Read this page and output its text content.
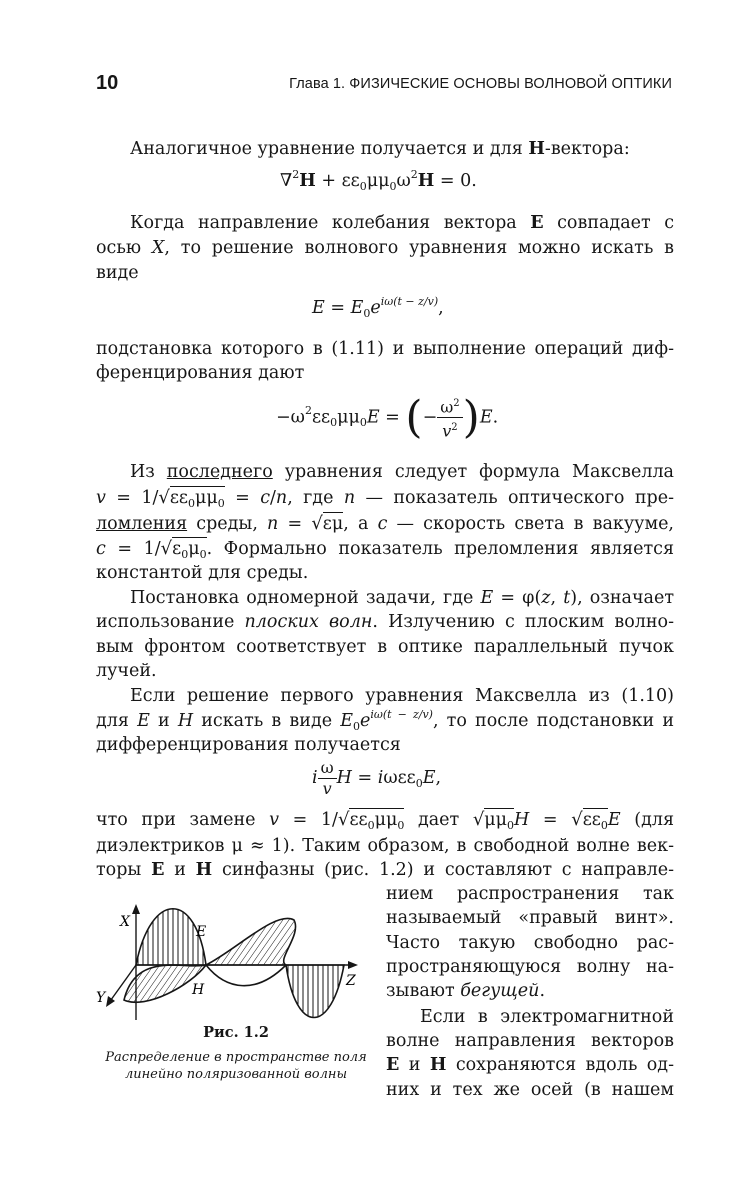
10	Глава 1. ФИЗИЧЕСКИЕ ОСНОВЫ ВОЛНОВОЙ ОПТИКИ
Аналогичное уравнение получается и для H-вектора:
$\nabla^2H + \varepsilon\varepsilon_0\mu\mu_0\omega^2H = 0$.
Когда направление колебания вектора E совпадает с
осью X, то решение волнового уравнения можно искать в
виде
$E = E_0e^{i\omega(t - z/v)}$,
подстановка которого в (1.11) и выполнение операций диф-
ференцирования дают
$-\omega^2\varepsilon\varepsilon_0\mu\mu_0E$ = (− $\frac{\omega^2}{v^2} )E$.
Из последнего уравнения следует формула Максвелла
$v = 1/√\varepsilon\varepsilon_0\mu\mu_0 = c/n$, где n — показатель оптического пре-
ломления среды, n = √εμ, а c — скорость света в вакууме,
$c = 1/√\varepsilon_0\mu_0$. Формально показатель преломления является
константой для среды.
Постановка одномерной задачи, где E = φ(z, t), означает
использование плоских волн. Излучению с плоским волно-
вым фронтом соответствует в оптике параллельный пучок
лучей.
Если решение первого уравнения Максвелла из (1.10)
для E и H искать в виде $E_0e^{i\omega(t - z/v)}$, то после подстановки и
дифференцирования получается
i $\frac{\omega}{v}$ H = iωεε$_0$E,
что при замене $v = 1/√\varepsilon\varepsilon_0\mu\mu_0$ дает $√\mu\mu_0H = √\varepsilon\varepsilon_0E$ (для
диэлектриков μ ≈ 1). Таким образом, в свободной волне век-
торы E и H синфазны (рис. 1.2) и составляют с направле-
нием распространения так
называемый «правый винт».
Часто такую свободно рас-
пространяющуюся волну на-
зывают бегущей.
Если в электромагнитной
волне направления векторов
E и H сохраняются вдоль од-
них и тех же осей (в нашем
X
E
Z
Y	H
Рис. 1.2
Распределение в пространстве поля линейно поляризованной волны
